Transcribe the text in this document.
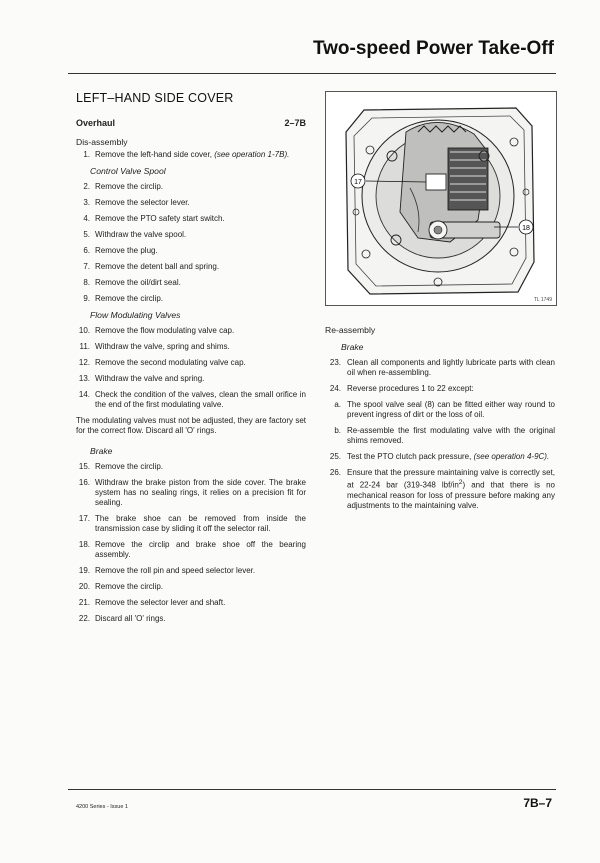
Two-speed Power Take-Off
LEFT–HAND SIDE COVER
Overhaul	2–7B
Dis-assembly
1. Remove the left-hand side cover, (see operation 1-7B).
Control Valve Spool
2. Remove the circlip.
3. Remove the selector lever.
4. Remove the PTO safety start switch.
5. Withdraw the valve spool.
6. Remove the plug.
7. Remove the detent ball and spring.
8. Remove the oil/dirt seal.
9. Remove the circlip.
Flow Modulating Valves
10. Remove the flow modulating valve cap.
11. Withdraw the valve, spring and shims.
12. Remove the second modulating valve cap.
13. Withdraw the valve and spring.
14. Check the condition of the valves, clean the small orifice in the end of the first modulating valve.
The modulating valves must not be adjusted, they are factory set for the correct flow. Discard all 'O' rings.
Brake
15. Remove the circlip.
16. Withdraw the brake piston from the side cover. The brake system has no sealing rings, it relies on a precision fit for sealing.
17. The brake shoe can be removed from inside the transmission case by sliding it off the selector rail.
18. Remove the circlip and brake shoe off the bearing assembly.
19. Remove the roll pin and speed selector lever.
20. Remove the circlip.
21. Remove the selector lever and shaft.
22. Discard all 'O' rings.
17
18
TL 1749
Re-assembly
Brake
23. Clean all components and lightly lubricate parts with clean oil when re-assembling.
24. Reverse procedures 1 to 22 except:
a. The spool valve seal (8) can be fitted either way round to prevent ingress of dirt or the loss of oil.
b. Re-assemble the first modulating valve with the original shims removed.
25. Test the PTO clutch pack pressure, (see operation 4-9C).
26. Ensure that the pressure maintaining valve is correctly set, at 22-24 bar (319-348 lbf/$in^2$) and that there is no mechanical reason for loss of pressure before making any adjustments to the maintaining valve.
4200 Series - Issue 1	7B–7
